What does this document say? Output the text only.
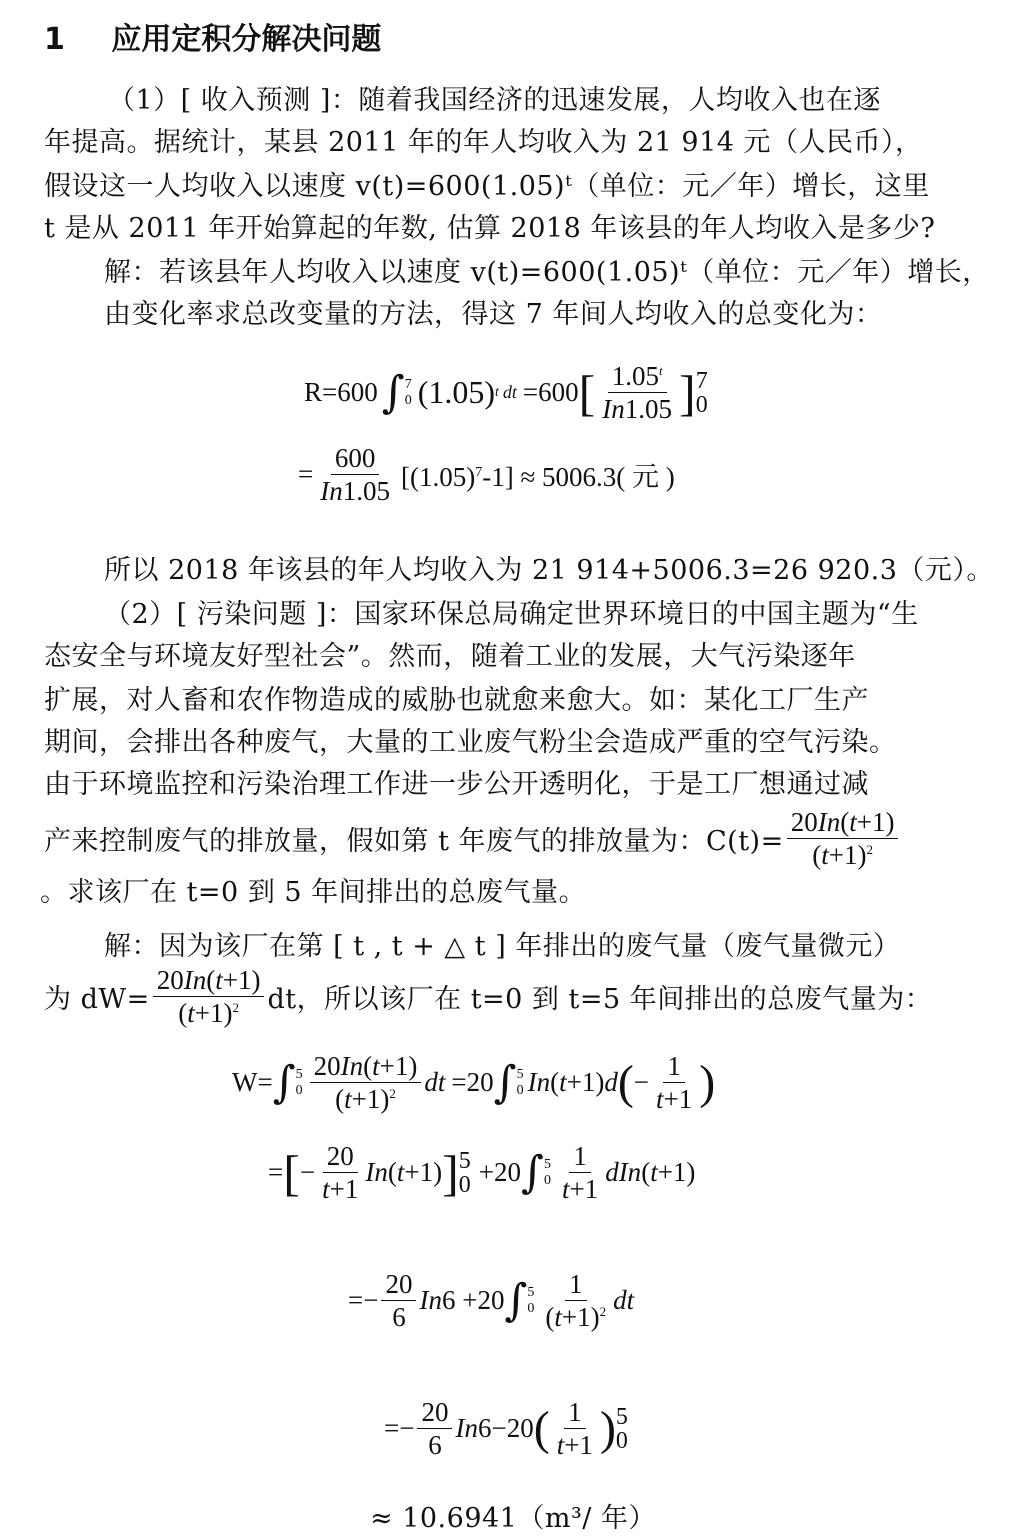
1 应用定积分解决问题
（1）[ 收入预测 ]：随着我国经济的迅速发展，人均收入也在逐
年提高。据统计，某县 2011 年的年人均收入为 21 914 元（人民币），
假设这一人均收入以速度 v(t)=600(1.05)ᵗ（单位：元／年）增长，这里
t 是从 2011 年开始算起的年数, 估算 2018 年该县的年人均收入是多少?
解：若该县年人均收入以速度 v(t)=600(1.05)ᵗ（单位：元／年）增长，
由变化率求总改变量的方法，得这 7 年间人均收入的总变化为：
R=600 ∫ 7
0 (1.05) t dt =600 [ $\frac{1.05^t}{In1.05}$ ] 7
0
= $\frac{600}{In1.05} [(1.05)^7-1] \approx 5006.3$( 元 )
所以 2018 年该县的年人均收入为 21 914+5006.3=26 920.3（元）。
（2）[ 污染问题 ]：国家环保总局确定世界环境日的中国主题为“生
态安全与环境友好型社会”。然而，随着工业的发展，大气污染逐年
扩展，对人畜和农作物造成的威胁也就愈来愈大。如：某化工厂生产
期间，会排出各种废气，大量的工业废气粉尘会造成严重的空气污染。
由于环境监控和污染治理工作进一步公开透明化，于是工厂想通过减
产来控制废气的排放量，假如第 t 年废气的排放量为：$C(t)= \frac{20In(t+1)}{(t+1)^2}$
。求该厂在 t=0 到 5 年间排出的总废气量。
解：因为该厂在第 [ t , t + △ t ] 年排出的废气量（废气量微元）
为 $dW= \frac{20In(t+1)}{(t+1)^2}$ dt，所以该厂在 t=0 到 t=5 年间排出的总废气量为：
W= ∫ 5
$0 \frac{20In(t+1)}{(t+1)^2}$ dt =20 ∫ 5
0 In(t+1)d ( − $\frac{1}{t+1}$ )
= [ − $\frac{20}{t+1} In(t+1)$ ] 5
0 +20 ∫ 5
$0 \frac{1}{t+1} dIn(t+1)$
=− $\frac{20}{6} In6 +20$ ∫ 5
$0 \frac{1}{(t+1)^2}$ dt
=− $\frac{20}{6} In6-20$ ( $\frac{1}{t+1}$ ) 5
0
≈ 10.6941（m³/ 年）
